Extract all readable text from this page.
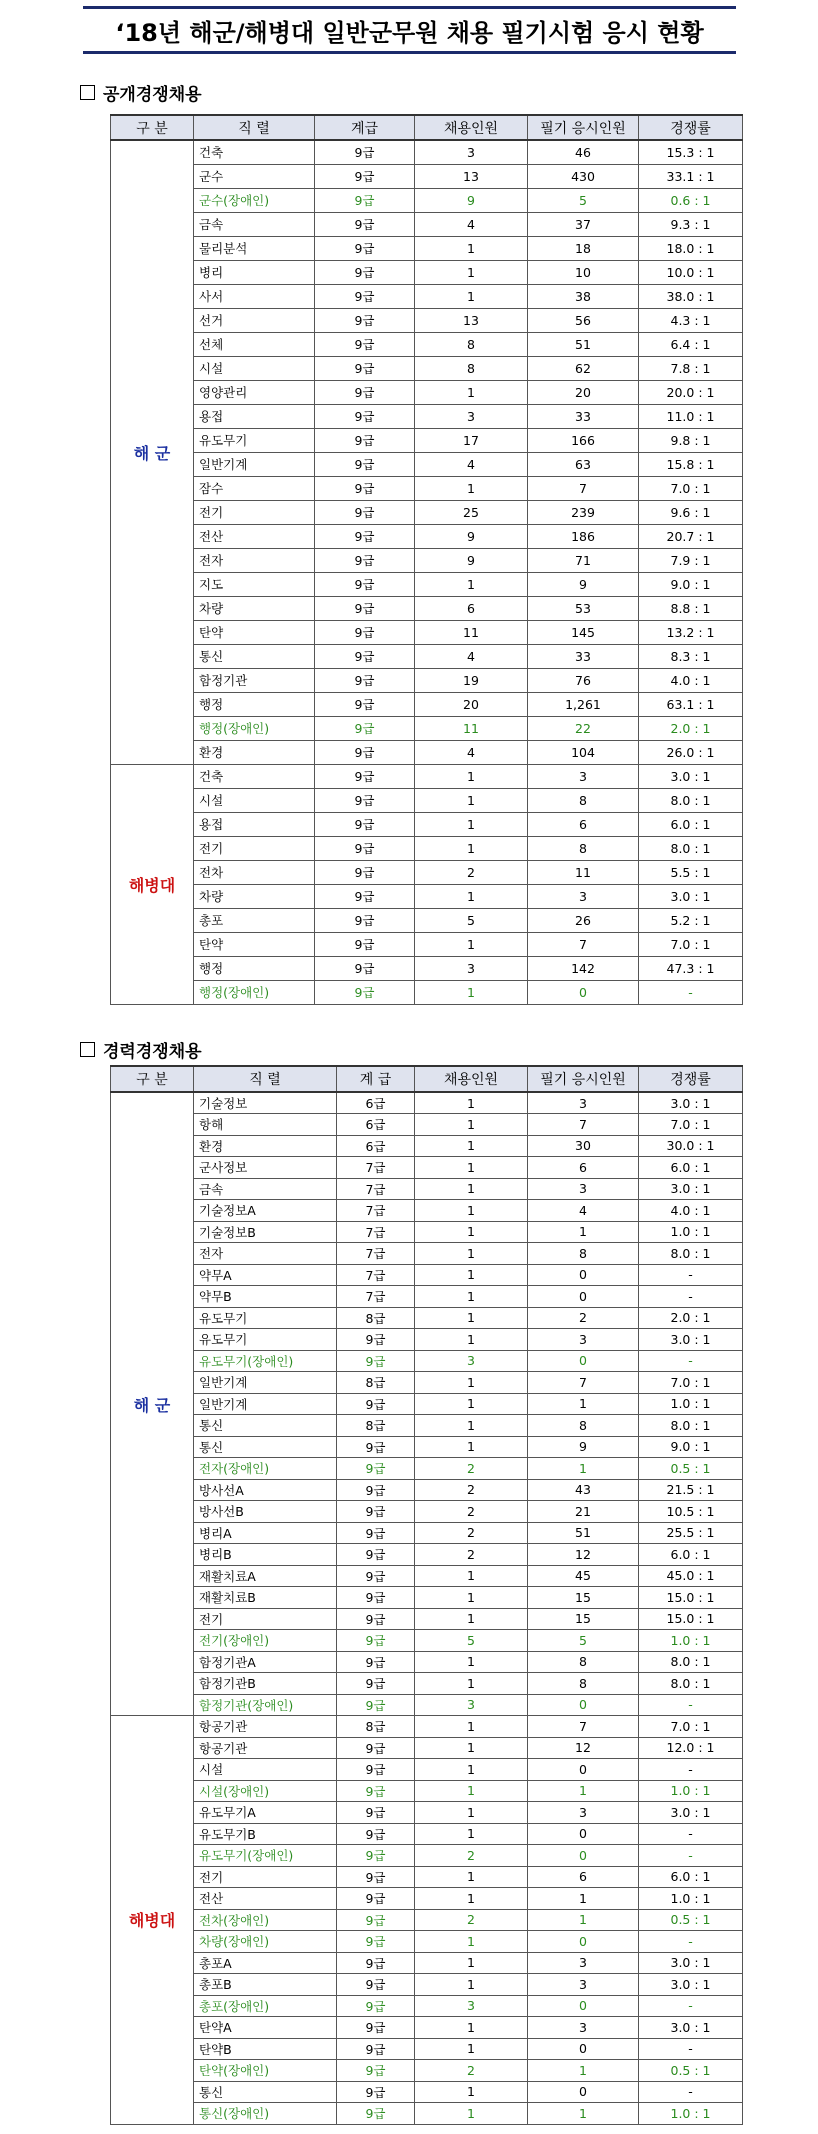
‘18년 해군/해병대 일반군무원 채용 필기시험 응시 현황
공개경쟁채용
구 분	직 렬	계급	채용인원	필기 응시인원	경쟁률
해 군	건축	9급	3	46	15.3 : 1
	군수	9급	13	430	33.1 : 1
	군수(장애인)	9급	9	5	0.6 : 1
	금속	9급	4	37	9.3 : 1
	물리분석	9급	1	18	18.0 : 1
	병리	9급	1	10	10.0 : 1
	사서	9급	1	38	38.0 : 1
	선거	9급	13	56	4.3 : 1
	선체	9급	8	51	6.4 : 1
	시설	9급	8	62	7.8 : 1
	영양관리	9급	1	20	20.0 : 1
	용접	9급	3	33	11.0 : 1
	유도무기	9급	17	166	9.8 : 1
	일반기계	9급	4	63	15.8 : 1
	잠수	9급	1	7	7.0 : 1
	전기	9급	25	239	9.6 : 1
	전산	9급	9	186	20.7 : 1
	전자	9급	9	71	7.9 : 1
	지도	9급	1	9	9.0 : 1
	차량	9급	6	53	8.8 : 1
	탄약	9급	11	145	13.2 : 1
	통신	9급	4	33	8.3 : 1
	함정기관	9급	19	76	4.0 : 1
	행정	9급	20	1,261	63.1 : 1
	행정(장애인)	9급	11	22	2.0 : 1
	환경	9급	4	104	26.0 : 1
해병대	건축	9급	1	3	3.0 : 1
	시설	9급	1	8	8.0 : 1
	용접	9급	1	6	6.0 : 1
	전기	9급	1	8	8.0 : 1
	전차	9급	2	11	5.5 : 1
	차량	9급	1	3	3.0 : 1
	총포	9급	5	26	5.2 : 1
	탄약	9급	1	7	7.0 : 1
	행정	9급	3	142	47.3 : 1
	행정(장애인)	9급	1	0	-
경력경쟁채용
구 분	직 렬	계 급	채용인원	필기 응시인원	경쟁률
해 군	기술정보	6급	1	3	3.0 : 1
	항해	6급	1	7	7.0 : 1
	환경	6급	1	30	30.0 : 1
	군사정보	7급	1	6	6.0 : 1
	금속	7급	1	3	3.0 : 1
	기술정보A	7급	1	4	4.0 : 1
	기술정보B	7급	1	1	1.0 : 1
	전자	7급	1	8	8.0 : 1
	약무A	7급	1	0	-
	약무B	7급	1	0	-
	유도무기	8급	1	2	2.0 : 1
	유도무기	9급	1	3	3.0 : 1
	유도무기(장애인)	9급	3	0	-
	일반기계	8급	1	7	7.0 : 1
	일반기계	9급	1	1	1.0 : 1
	통신	8급	1	8	8.0 : 1
	통신	9급	1	9	9.0 : 1
	전자(장애인)	9급	2	1	0.5 : 1
	방사선A	9급	2	43	21.5 : 1
	방사선B	9급	2	21	10.5 : 1
	병리A	9급	2	51	25.5 : 1
	병리B	9급	2	12	6.0 : 1
	재활치료A	9급	1	45	45.0 : 1
	재활치료B	9급	1	15	15.0 : 1
	전기	9급	1	15	15.0 : 1
	전기(장애인)	9급	5	5	1.0 : 1
	함정기관A	9급	1	8	8.0 : 1
	함정기관B	9급	1	8	8.0 : 1
	함정기관(장애인)	9급	3	0	-
해병대	항공기관	8급	1	7	7.0 : 1
	항공기관	9급	1	12	12.0 : 1
	시설	9급	1	0	-
	시설(장애인)	9급	1	1	1.0 : 1
	유도무기A	9급	1	3	3.0 : 1
	유도무기B	9급	1	0	-
	유도무기(장애인)	9급	2	0	-
	전기	9급	1	6	6.0 : 1
	전산	9급	1	1	1.0 : 1
	전차(장애인)	9급	2	1	0.5 : 1
	차량(장애인)	9급	1	0	-
	총포A	9급	1	3	3.0 : 1
	총포B	9급	1	3	3.0 : 1
	총포(장애인)	9급	3	0	-
	탄약A	9급	1	3	3.0 : 1
	탄약B	9급	1	0	-
	탄약(장애인)	9급	2	1	0.5 : 1
	통신	9급	1	0	-
	통신(장애인)	9급	1	1	1.0 : 1
